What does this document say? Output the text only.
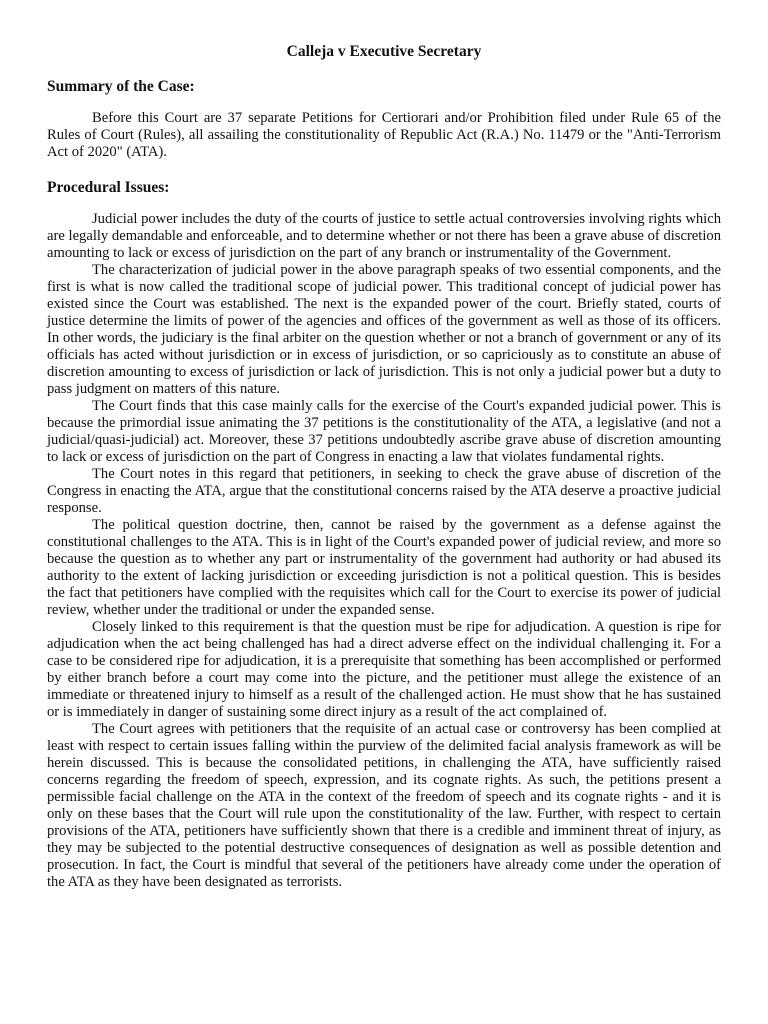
Calleja v Executive Secretary
Summary of the Case:

Before this Court are 37 separate Petitions for Certiorari and/or Prohibition filed under Rule 65 of the Rules of Court (Rules), all assailing the constitutionality of Republic Act (R.A.) No. 11479 or the "Anti-Terrorism Act of 2020" (ATA).

Procedural Issues:

Judicial power includes the duty of the courts of justice to settle actual controversies involving rights which are legally demandable and enforceable, and to determine whether or not there has been a grave abuse of discretion amounting to lack or excess of jurisdiction on the part of any branch or instrumentality of the Government.

The characterization of judicial power in the above paragraph speaks of two essential components, and the first is what is now called the traditional scope of judicial power. This traditional concept of judicial power has existed since the Court was established. The next is the expanded power of the court. Briefly stated, courts of justice determine the limits of power of the agencies and offices of the government as well as those of its officers. In other words, the judiciary is the final arbiter on the question whether or not a branch of government or any of its officials has acted without jurisdiction or in excess of jurisdiction, or so capriciously as to constitute an abuse of discretion amounting to excess of jurisdiction or lack of jurisdiction. This is not only a judicial power but a duty to pass judgment on matters of this nature.

The Court finds that this case mainly calls for the exercise of the Court's expanded judicial power. This is because the primordial issue animating the 37 petitions is the constitutionality of the ATA, a legislative (and not a judicial/quasi-judicial) act. Moreover, these 37 petitions undoubtedly ascribe grave abuse of discretion amounting to lack or excess of jurisdiction on the part of Congress in enacting a law that violates fundamental rights.

The Court notes in this regard that petitioners, in seeking to check the grave abuse of discretion of the Congress in enacting the ATA, argue that the constitutional concerns raised by the ATA deserve a proactive judicial response.

The political question doctrine, then, cannot be raised by the government as a defense against the constitutional challenges to the ATA. This is in light of the Court's expanded power of judicial review, and more so because the question as to whether any part or instrumentality of the government had authority or had abused its authority to the extent of lacking jurisdiction or exceeding jurisdiction is not a political question. This is besides the fact that petitioners have complied with the requisites which call for the Court to exercise its power of judicial review, whether under the traditional or under the expanded sense.

Closely linked to this requirement is that the question must be ripe for adjudication. A question is ripe for adjudication when the act being challenged has had a direct adverse effect on the individual challenging it. For a case to be considered ripe for adjudication, it is a prerequisite that something has been accomplished or performed by either branch before a court may come into the picture, and the petitioner must allege the existence of an immediate or threatened injury to himself as a result of the challenged action. He must show that he has sustained or is immediately in danger of sustaining some direct injury as a result of the act complained of.

The Court agrees with petitioners that the requisite of an actual case or controversy has been complied at least with respect to certain issues falling within the purview of the delimited facial analysis framework as will be herein discussed. This is because the consolidated petitions, in challenging the ATA, have sufficiently raised concerns regarding the freedom of speech, expression, and its cognate rights. As such, the petitions present a permissible facial challenge on the ATA in the context of the freedom of speech and its cognate rights - and it is only on these bases that the Court will rule upon the constitutionality of the law. Further, with respect to certain provisions of the ATA, petitioners have sufficiently shown that there is a credible and imminent threat of injury, as they may be subjected to the potential destructive consequences of designation as well as possible detention and prosecution. In fact, the Court is mindful that several of the petitioners have already come under the operation of the ATA as they have been designated as terrorists.
